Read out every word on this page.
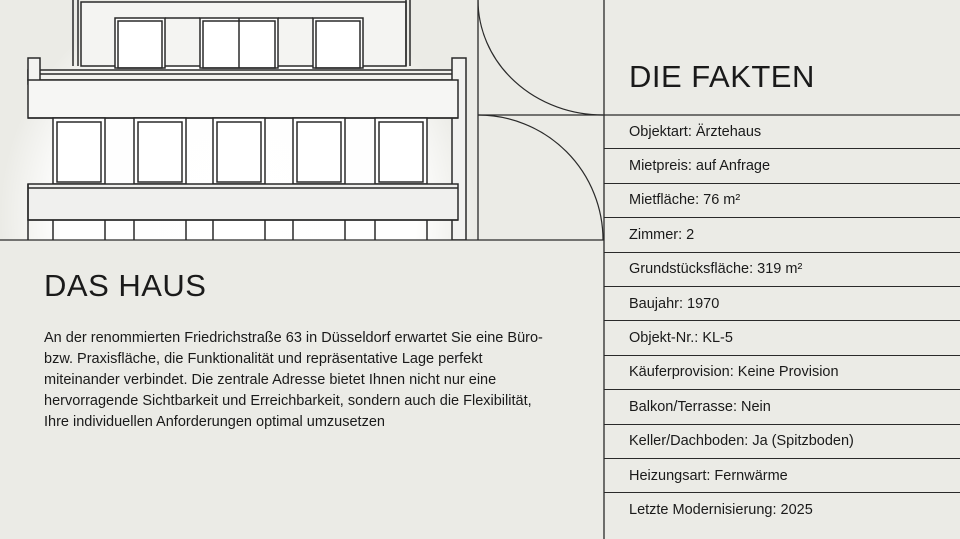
DAS HAUS

An der renommierten Friedrichstraße 63 in Düsseldorf erwartet Sie eine Büro- bzw. Praxisfläche, die Funktionalität und repräsentative Lage perfekt miteinander verbindet. Die zentrale Adresse bietet Ihnen nicht nur eine hervorragende Sichtbarkeit und Erreichbarkeit, sondern auch die Flexibilität, Ihre individuellen Anforderungen optimal umzusetzen

DIE FAKTEN
Objektart: Ärztehaus
Mietpreis: auf Anfrage
Mietfläche: 76 m²
Zimmer: 2
Grundstücksfläche: 319 m²
Baujahr: 1970
Objekt-Nr.: KL-5
Käuferprovision: Keine Provision
Balkon/Terrasse: Nein
Keller/Dachboden: Ja (Spitzboden)
Heizungsart: Fernwärme
Letzte Modernisierung: 2025
